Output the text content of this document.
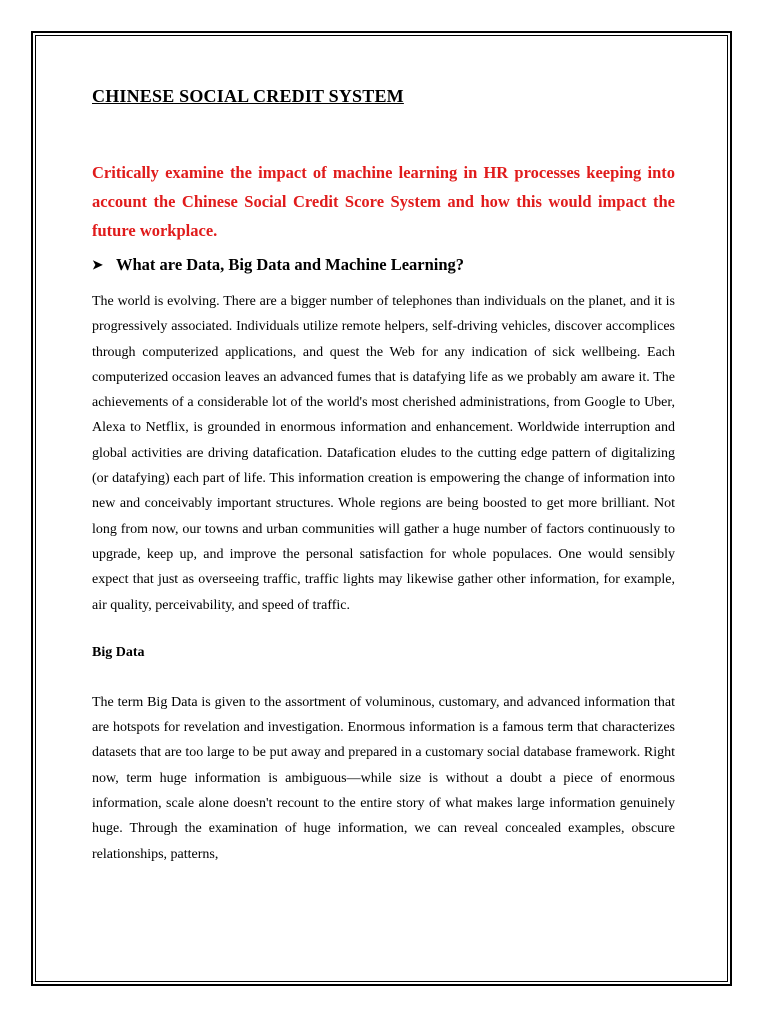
CHINESE SOCIAL CREDIT SYSTEM
Critically examine the impact of machine learning in HR processes keeping into account the Chinese Social Credit Score System and how this would impact the future workplace.
➤ What are Data, Big Data and Machine Learning?

The world is evolving. There are a bigger number of telephones than individuals on the planet, and it is progressively associated. Individuals utilize remote helpers, self-driving vehicles, discover accomplices through computerized applications, and quest the Web for any indication of sick wellbeing. Each computerized occasion leaves an advanced fumes that is datafying life as we probably am aware it. The achievements of a considerable lot of the world's most cherished administrations, from Google to Uber, Alexa to Netflix, is grounded in enormous information and enhancement. Worldwide interruption and global activities are driving datafication. Datafication eludes to the cutting edge pattern of digitalizing (or datafying) each part of life. This information creation is empowering the change of information into new and conceivably important structures. Whole regions are being boosted to get more brilliant. Not long from now, our towns and urban communities will gather a huge number of factors continuously to upgrade, keep up, and improve the personal satisfaction for whole populaces. One would sensibly expect that just as overseeing traffic, traffic lights may likewise gather other information, for example, air quality, perceivability, and speed of traffic.

Big Data

The term Big Data is given to the assortment of voluminous, customary, and advanced information that are hotspots for revelation and investigation. Enormous information is a famous term that characterizes datasets that are too large to be put away and prepared in a customary social database framework. Right now, term huge information is ambiguous—while size is without a doubt a piece of enormous information, scale alone doesn't recount to the entire story of what makes large information genuinely huge. Through the examination of huge information, we can reveal concealed examples, obscure relationships, patterns,
